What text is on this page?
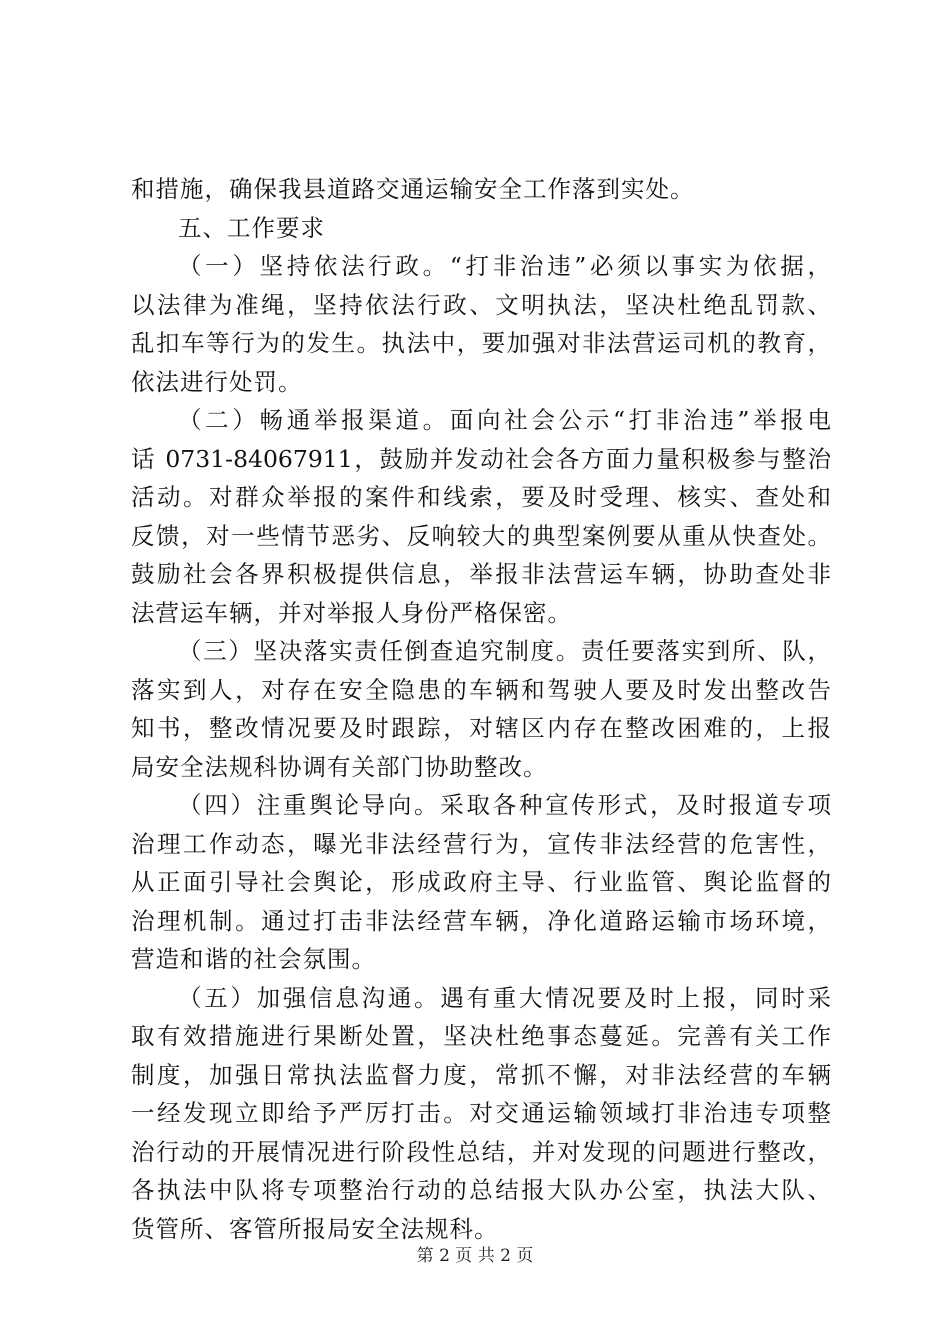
和措施，确保我县道路交通运输安全工作落到实处。
五、工作要求
（一）坚持依法行政。“打非治违”必须以事实为依据，
以法律为准绳，坚持依法行政、文明执法，坚决杜绝乱罚款、
乱扣车等行为的发生。执法中，要加强对非法营运司机的教育，
依法进行处罚。
（二）畅通举报渠道。面向社会公示“打非治违”举报电
话 0731-84067911，鼓励并发动社会各方面力量积极参与整治
活动。对群众举报的案件和线索，要及时受理、核实、查处和
反馈，对一些情节恶劣、反响较大的典型案例要从重从快查处。
鼓励社会各界积极提供信息，举报非法营运车辆，协助查处非
法营运车辆，并对举报人身份严格保密。
（三）坚决落实责任倒查追究制度。责任要落实到所、队，
落实到人，对存在安全隐患的车辆和驾驶人要及时发出整改告
知书，整改情况要及时跟踪，对辖区内存在整改困难的，上报
局安全法规科协调有关部门协助整改。
（四）注重舆论导向。采取各种宣传形式，及时报道专项
治理工作动态，曝光非法经营行为，宣传非法经营的危害性，
从正面引导社会舆论，形成政府主导、行业监管、舆论监督的
治理机制。通过打击非法经营车辆，净化道路运输市场环境，
营造和谐的社会氛围。
（五）加强信息沟通。遇有重大情况要及时上报，同时采
取有效措施进行果断处置，坚决杜绝事态蔓延。完善有关工作
制度，加强日常执法监督力度，常抓不懈，对非法经营的车辆
一经发现立即给予严厉打击。对交通运输领域打非治违专项整
治行动的开展情况进行阶段性总结，并对发现的问题进行整改，
各执法中队将专项整治行动的总结报大队办公室，执法大队、
货管所、客管所报局安全法规科。
第 2 页 共 2 页
